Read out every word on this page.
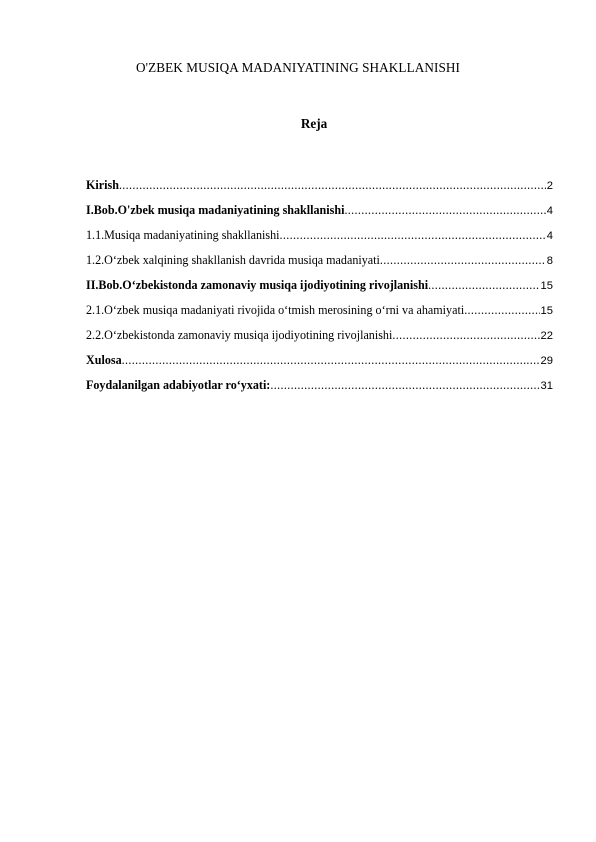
O'ZBEK MUSIQA MADANIYATINING SHAKLLANISHI
Reja
Kirish .....	2
I.Bob.O'zbek musiqa madaniyatining shakllanishi .....	4
1.1.Musiqa madaniyatining shakllanishi .....	4
1.2.O‘zbek xalqining shakllanish davrida musiqa madaniyati .....	8
II.Bob.O‘zbekistonda zamonaviy musiqa ijodiyotining rivojlanishi .....	15
2.1.O‘zbek musiqa madaniyati rivojida o‘tmish merosining o‘rni va ahamiyati .....	15
2.2.O‘zbekistonda zamonaviy musiqa ijodiyotining rivojlanishi .....	22
Xulosa .....	29
Foydalanilgan adabiyotlar ro‘yxati: .....	31
